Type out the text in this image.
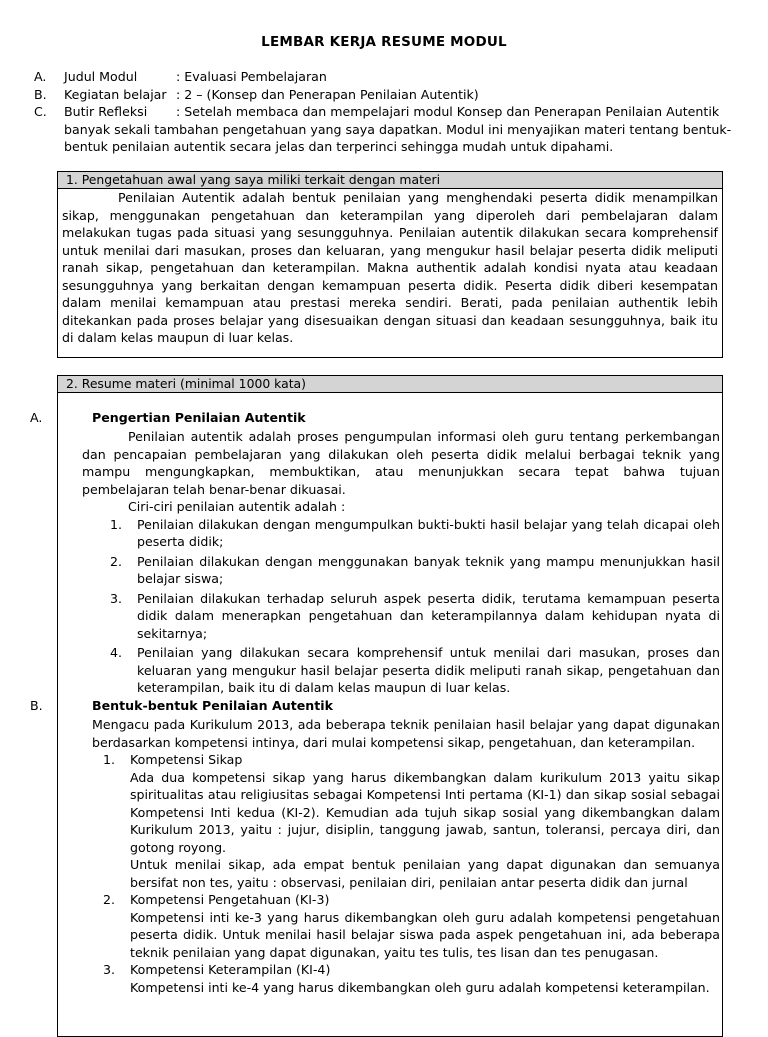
LEMBAR KERJA RESUME MODUL
A. Judul Modul	: Evaluasi Pembelajaran
B. Kegiatan belajar : 2 – (Konsep dan Penerapan Penilaian Autentik)
C. Butir Refleksi : Setelah membaca dan mempelajari modul Konsep dan Penerapan Penilaian Autentik
banyak sekali tambahan pengetahuan yang saya dapatkan. Modul ini menyajikan materi tentang bentuk-bentuk penilaian autentik secara jelas dan terperinci sehingga mudah untuk dipahami.
1. Pengetahuan awal yang saya miliki terkait dengan materi
Penilaian Autentik adalah bentuk penilaian yang menghendaki peserta didik menampilkan sikap, menggunakan pengetahuan dan keterampilan yang diperoleh dari pembelajaran dalam melakukan tugas pada situasi yang sesungguhnya. Penilaian autentik dilakukan secara komprehensif untuk menilai dari masukan, proses dan keluaran, yang mengukur hasil belajar peserta didik meliputi ranah sikap, pengetahuan dan keterampilan. Makna authentik adalah kondisi nyata atau keadaan sesungguhnya yang berkaitan dengan kemampuan peserta didik. Peserta didik diberi kesempatan dalam menilai kemampuan atau prestasi mereka sendiri. Berati, pada penilaian authentik lebih ditekankan pada proses belajar yang disesuaikan dengan situasi dan keadaan sesungguhnya, baik itu di dalam kelas maupun di luar kelas.
2. Resume materi (minimal 1000 kata)
A.	Pengertian Penilaian Autentik
Penilaian autentik adalah proses pengumpulan informasi oleh guru tentang perkembangan dan pencapaian pembelajaran yang dilakukan oleh peserta didik melalui berbagai teknik yang mampu mengungkapkan, membuktikan, atau menunjukkan secara tepat bahwa tujuan pembelajaran telah benar-benar dikuasai.
Ciri-ciri penilaian autentik adalah :
1. Penilaian dilakukan dengan mengumpulkan bukti-bukti hasil belajar yang telah dicapai oleh peserta didik;
2. Penilaian dilakukan dengan menggunakan banyak teknik yang mampu menunjukkan hasil belajar siswa;
3. Penilaian dilakukan terhadap seluruh aspek peserta didik, terutama kemampuan peserta didik dalam menerapkan pengetahuan dan keterampilannya dalam kehidupan nyata di sekitarnya;
4. Penilaian yang dilakukan secara komprehensif untuk menilai dari masukan, proses dan keluaran yang mengukur hasil belajar peserta didik meliputi ranah sikap, pengetahuan dan keterampilan, baik itu di dalam kelas maupun di luar kelas.
B.	Bentuk-bentuk Penilaian Autentik
Mengacu pada Kurikulum 2013, ada beberapa teknik penilaian hasil belajar yang dapat digunakan berdasarkan kompetensi intinya, dari mulai kompetensi sikap, pengetahuan, dan keterampilan.
1. Kompetensi Sikap
Ada dua kompetensi sikap yang harus dikembangkan dalam kurikulum 2013 yaitu sikap spiritualitas atau religiusitas sebagai Kompetensi Inti pertama (KI-1) dan sikap sosial sebagai Kompetensi Inti kedua (KI-2). Kemudian ada tujuh sikap sosial yang dikembangkan dalam Kurikulum 2013, yaitu : jujur, disiplin, tanggung jawab, santun, toleransi, percaya diri, dan gotong royong.
Untuk menilai sikap, ada empat bentuk penilaian yang dapat digunakan dan semuanya bersifat non tes, yaitu : observasi, penilaian diri, penilaian antar peserta didik dan jurnal
2. Kompetensi Pengetahuan (KI-3)
Kompetensi inti ke-3 yang harus dikembangkan oleh guru adalah kompetensi pengetahuan peserta didik. Untuk menilai hasil belajar siswa pada aspek pengetahuan ini, ada beberapa teknik penilaian yang dapat digunakan, yaitu tes tulis, tes lisan dan tes penugasan.
3. Kompetensi Keterampilan (KI-4)
Kompetensi inti ke-4 yang harus dikembangkan oleh guru adalah kompetensi keterampilan.
